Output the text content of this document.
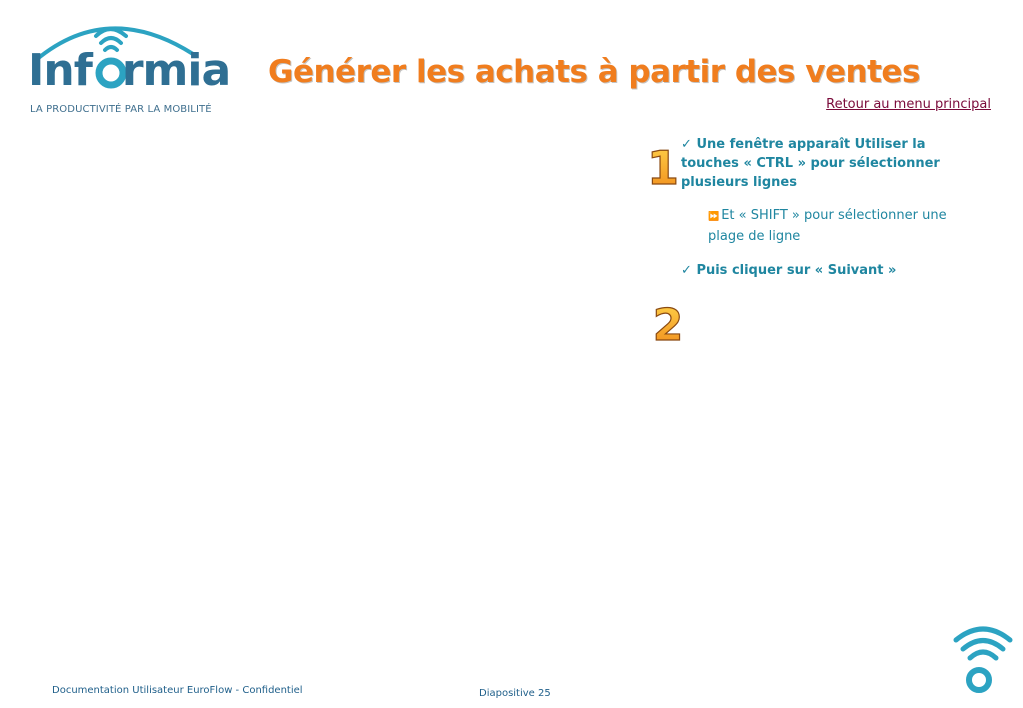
Inf rmia
LA PRODUCTIVITÉ PAR LA MOBILITÉ
Générer les achats à partir des ventes
Retour au menu principal
1
2

✓ Une fenêtre apparaît Utiliser la touches « CTRL » pour sélectionner plusieurs lignes

⏩ Et « SHIFT » pour sélectionner une plage de ligne

✓ Puis cliquer sur « Suivant »

Documentation Utilisateur EuroFlow - Confidentiel	Diapositive 25
